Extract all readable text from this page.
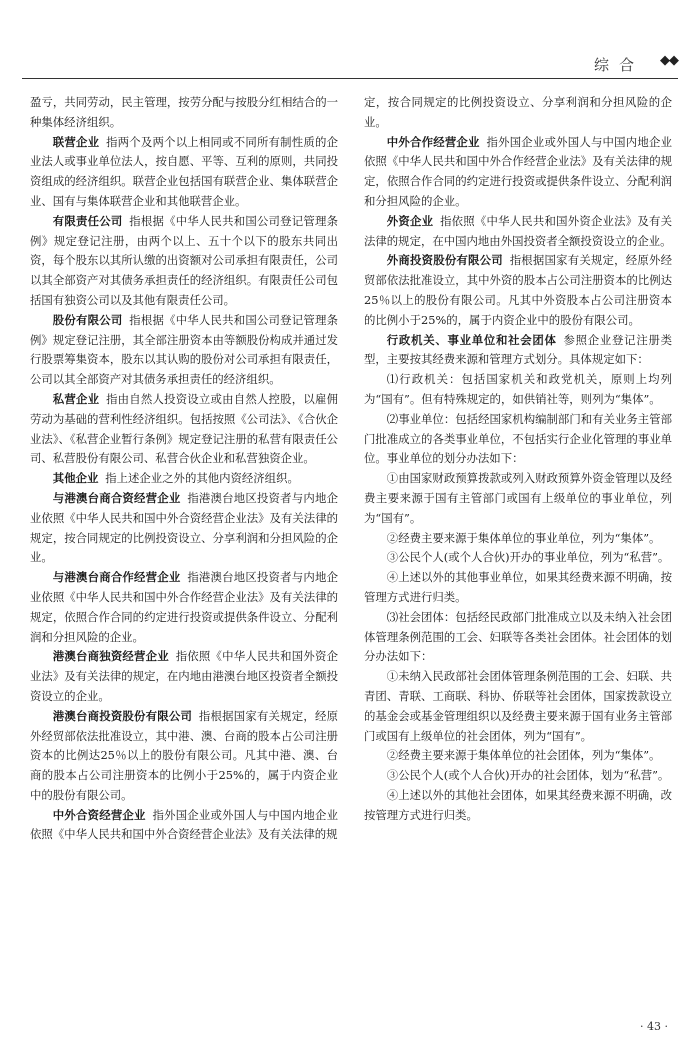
综合 ◆◆

盈亏，共同劳动，民主管理，按劳分配与按股分红相结合的一种集体经济组织。

联营企业 指两个及两个以上相同或不同所有制性质的企业法人或事业单位法人，按自愿、平等、互利的原则，共同投资组成的经济组织。联营企业包括国有联营企业、集体联营企业、国有与集体联营企业和其他联营企业。

有限责任公司 指根据《中华人民共和国公司登记管理条例》规定登记注册，由两个以上、五十个以下的股东共同出资，每个股东以其所认缴的出资额对公司承担有限责任，公司以其全部资产对其债务承担责任的经济组织。有限责任公司包括国有独资公司以及其他有限责任公司。

股份有限公司 指根据《中华人民共和国公司登记管理条例》规定登记注册，其全部注册资本由等额股份构成并通过发行股票筹集资本，股东以其认购的股份对公司承担有限责任，公司以其全部资产对其债务承担责任的经济组织。

私营企业 指由自然人投资设立或由自然人控股，以雇佣劳动为基础的营利性经济组织。包括按照《公司法》、《合伙企业法》、《私营企业暂行条例》规定登记注册的私营有限责任公司、私营股份有限公司、私营合伙企业和私营独资企业。

其他企业 指上述企业之外的其他内资经济组织。

与港澳台商合资经营企业 指港澳台地区投资者与内地企业依照《中华人民共和国中外合资经营企业法》及有关法律的规定，按合同规定的比例投资设立、分享利润和分担风险的企业。

与港澳台商合作经营企业 指港澳台地区投资者与内地企业依照《中华人民共和国中外合作经营企业法》及有关法律的规定，依照合作合同的约定进行投资或提供条件设立、分配利润和分担风险的企业。

港澳台商独资经营企业 指依照《中华人民共和国外资企业法》及有关法律的规定，在内地由港澳台地区投资者全额投资设立的企业。

港澳台商投资股份有限公司 指根据国家有关规定，经原外经贸部依法批准设立，其中港、澳、台商的股本占公司注册资本的比例达25％以上的股份有限公司。凡其中港、澳、台商的股本占公司注册资本的比例小于25%的，属于内资企业中的股份有限公司。

中外合资经营企业 指外国企业或外国人与中国内地企业依照《中华人民共和国中外合资经营企业法》及有关法律的规

定，按合同规定的比例投资设立、分享利润和分担风险的企业。

中外合作经营企业 指外国企业或外国人与中国内地企业依照《中华人民共和国中外合作经营企业法》及有关法律的规定，依照合作合同的约定进行投资或提供条件设立、分配利润和分担风险的企业。

外资企业 指依照《中华人民共和国外资企业法》及有关法律的规定，在中国内地由外国投资者全额投资设立的企业。

外商投资股份有限公司 指根据国家有关规定，经原外经贸部依法批准设立，其中外资的股本占公司注册资本的比例达25％以上的股份有限公司。凡其中外资股本占公司注册资本的比例小于25%的，属于内资企业中的股份有限公司。

行政机关、事业单位和社会团体 参照企业登记注册类型，主要按其经费来源和管理方式划分。具体规定如下：

⑴行政机关：包括国家机关和政党机关，原则上均列为“国有”。但有特殊规定的，如供销社等，则列为“集体”。

⑵事业单位：包括经国家机构编制部门和有关业务主管部门批准成立的各类事业单位，不包括实行企业化管理的事业单位。事业单位的划分办法如下：

①由国家财政预算拨款或列入财政预算外资金管理以及经费主要来源于国有主管部门或国有上级单位的事业单位，列为“国有”。

②经费主要来源于集体单位的事业单位，列为“集体”。

③公民个人(或个人合伙)开办的事业单位，列为“私营”。

④上述以外的其他事业单位，如果其经费来源不明确，按管理方式进行归类。

⑶社会团体：包括经民政部门批准成立以及未纳入社会团体管理条例范围的工会、妇联等各类社会团体。社会团体的划分办法如下：

①未纳入民政部社会团体管理条例范围的工会、妇联、共青团、青联、工商联、科协、侨联等社会团体，国家拨款设立的基金会或基金管理组织以及经费主要来源于国有业务主管部门或国有上级单位的社会团体，列为“国有”。

②经费主要来源于集体单位的社会团体，列为“集体”。

③公民个人(或个人合伙)开办的社会团体，划为“私营”。

④上述以外的其他社会团体，如果其经费来源不明确，改按管理方式进行归类。

· 43 ·
